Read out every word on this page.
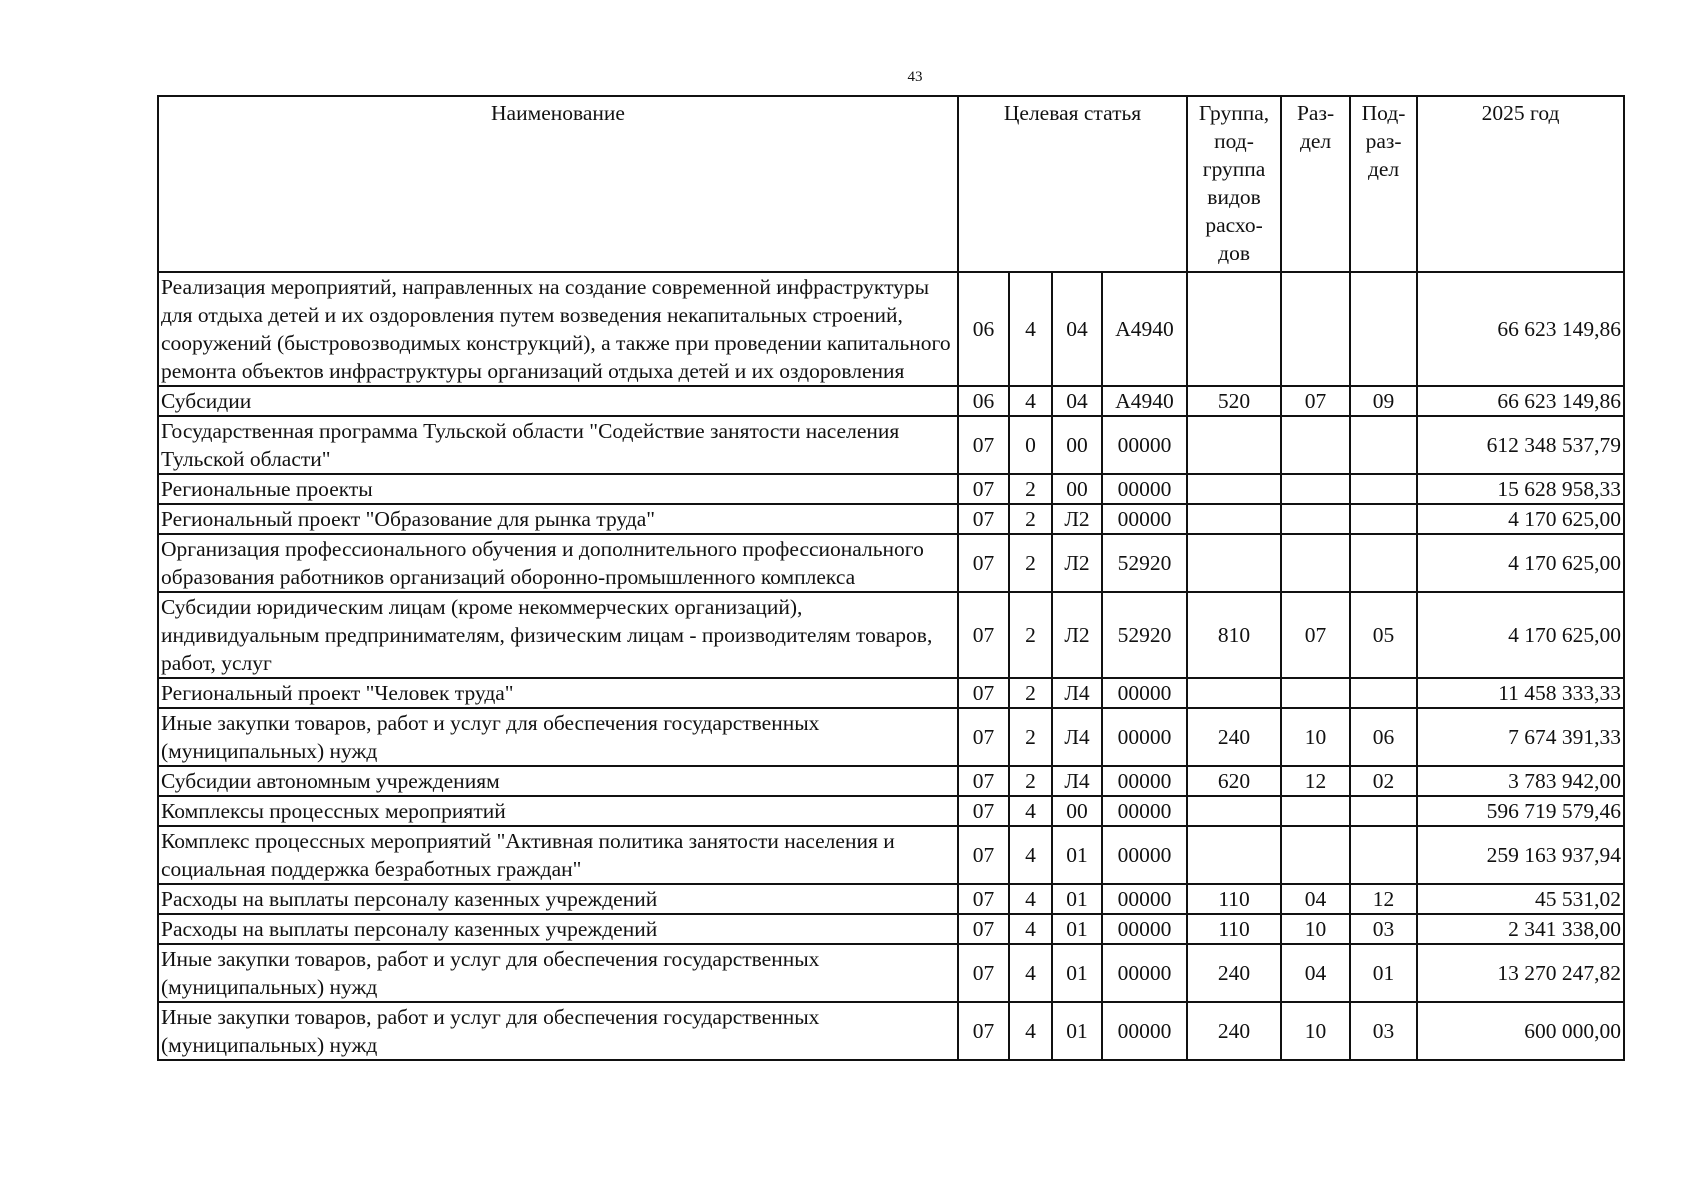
43
Наименование	Целевая статья				Группа, под-группа видов расхо-дов	Раз-дел	Под-раз-дел	2025 год
Реализация мероприятий, направленных на создание современной инфраструктуры для отдыха детей и их оздоровления путем возведения некапитальных строений, сооружений (быстровозводимых конструкций), а также при проведении капитального ремонта объектов инфраструктуры организаций отдыха детей и их оздоровления	06	4	04	A4940				66 623 149,86
Субсидии	06	4	04	A4940	520	07	09	66 623 149,86
Государственная программа Тульской области "Содействие занятости населения Тульской области"	07	0	00	00000				612 348 537,79
Региональные проекты	07	2	00	00000				15 628 958,33
Региональный проект "Образование для рынка труда"	07	2	Л2	00000				4 170 625,00
Организация профессионального обучения и дополнительного профессионального образования работников организаций оборонно-промышленного комплекса	07	2	Л2	52920				4 170 625,00
Субсидии юридическим лицам (кроме некоммерческих организаций), индивидуальным предпринимателям, физическим лицам - производителям товаров, работ, услуг	07	2	Л2	52920	810	07	05	4 170 625,00
Региональный проект "Человек труда"	07	2	Л4	00000				11 458 333,33
Иные закупки товаров, работ и услуг для обеспечения государственных (муниципальных) нужд	07	2	Л4	00000	240	10	06	7 674 391,33
Субсидии автономным учреждениям	07	2	Л4	00000	620	12	02	3 783 942,00
Комплексы процессных мероприятий	07	4	00	00000				596 719 579,46
Комплекс процессных мероприятий "Активная политика занятости населения и социальная поддержка безработных граждан"	07	4	01	00000				259 163 937,94
Расходы на выплаты персоналу казенных учреждений	07	4	01	00000	110	04	12	45 531,02
Расходы на выплаты персоналу казенных учреждений	07	4	01	00000	110	10	03	2 341 338,00
Иные закупки товаров, работ и услуг для обеспечения государственных (муниципальных) нужд	07	4	01	00000	240	04	01	13 270 247,82
Иные закупки товаров, работ и услуг для обеспечения государственных (муниципальных) нужд	07	4	01	00000	240	10	03	600 000,00
